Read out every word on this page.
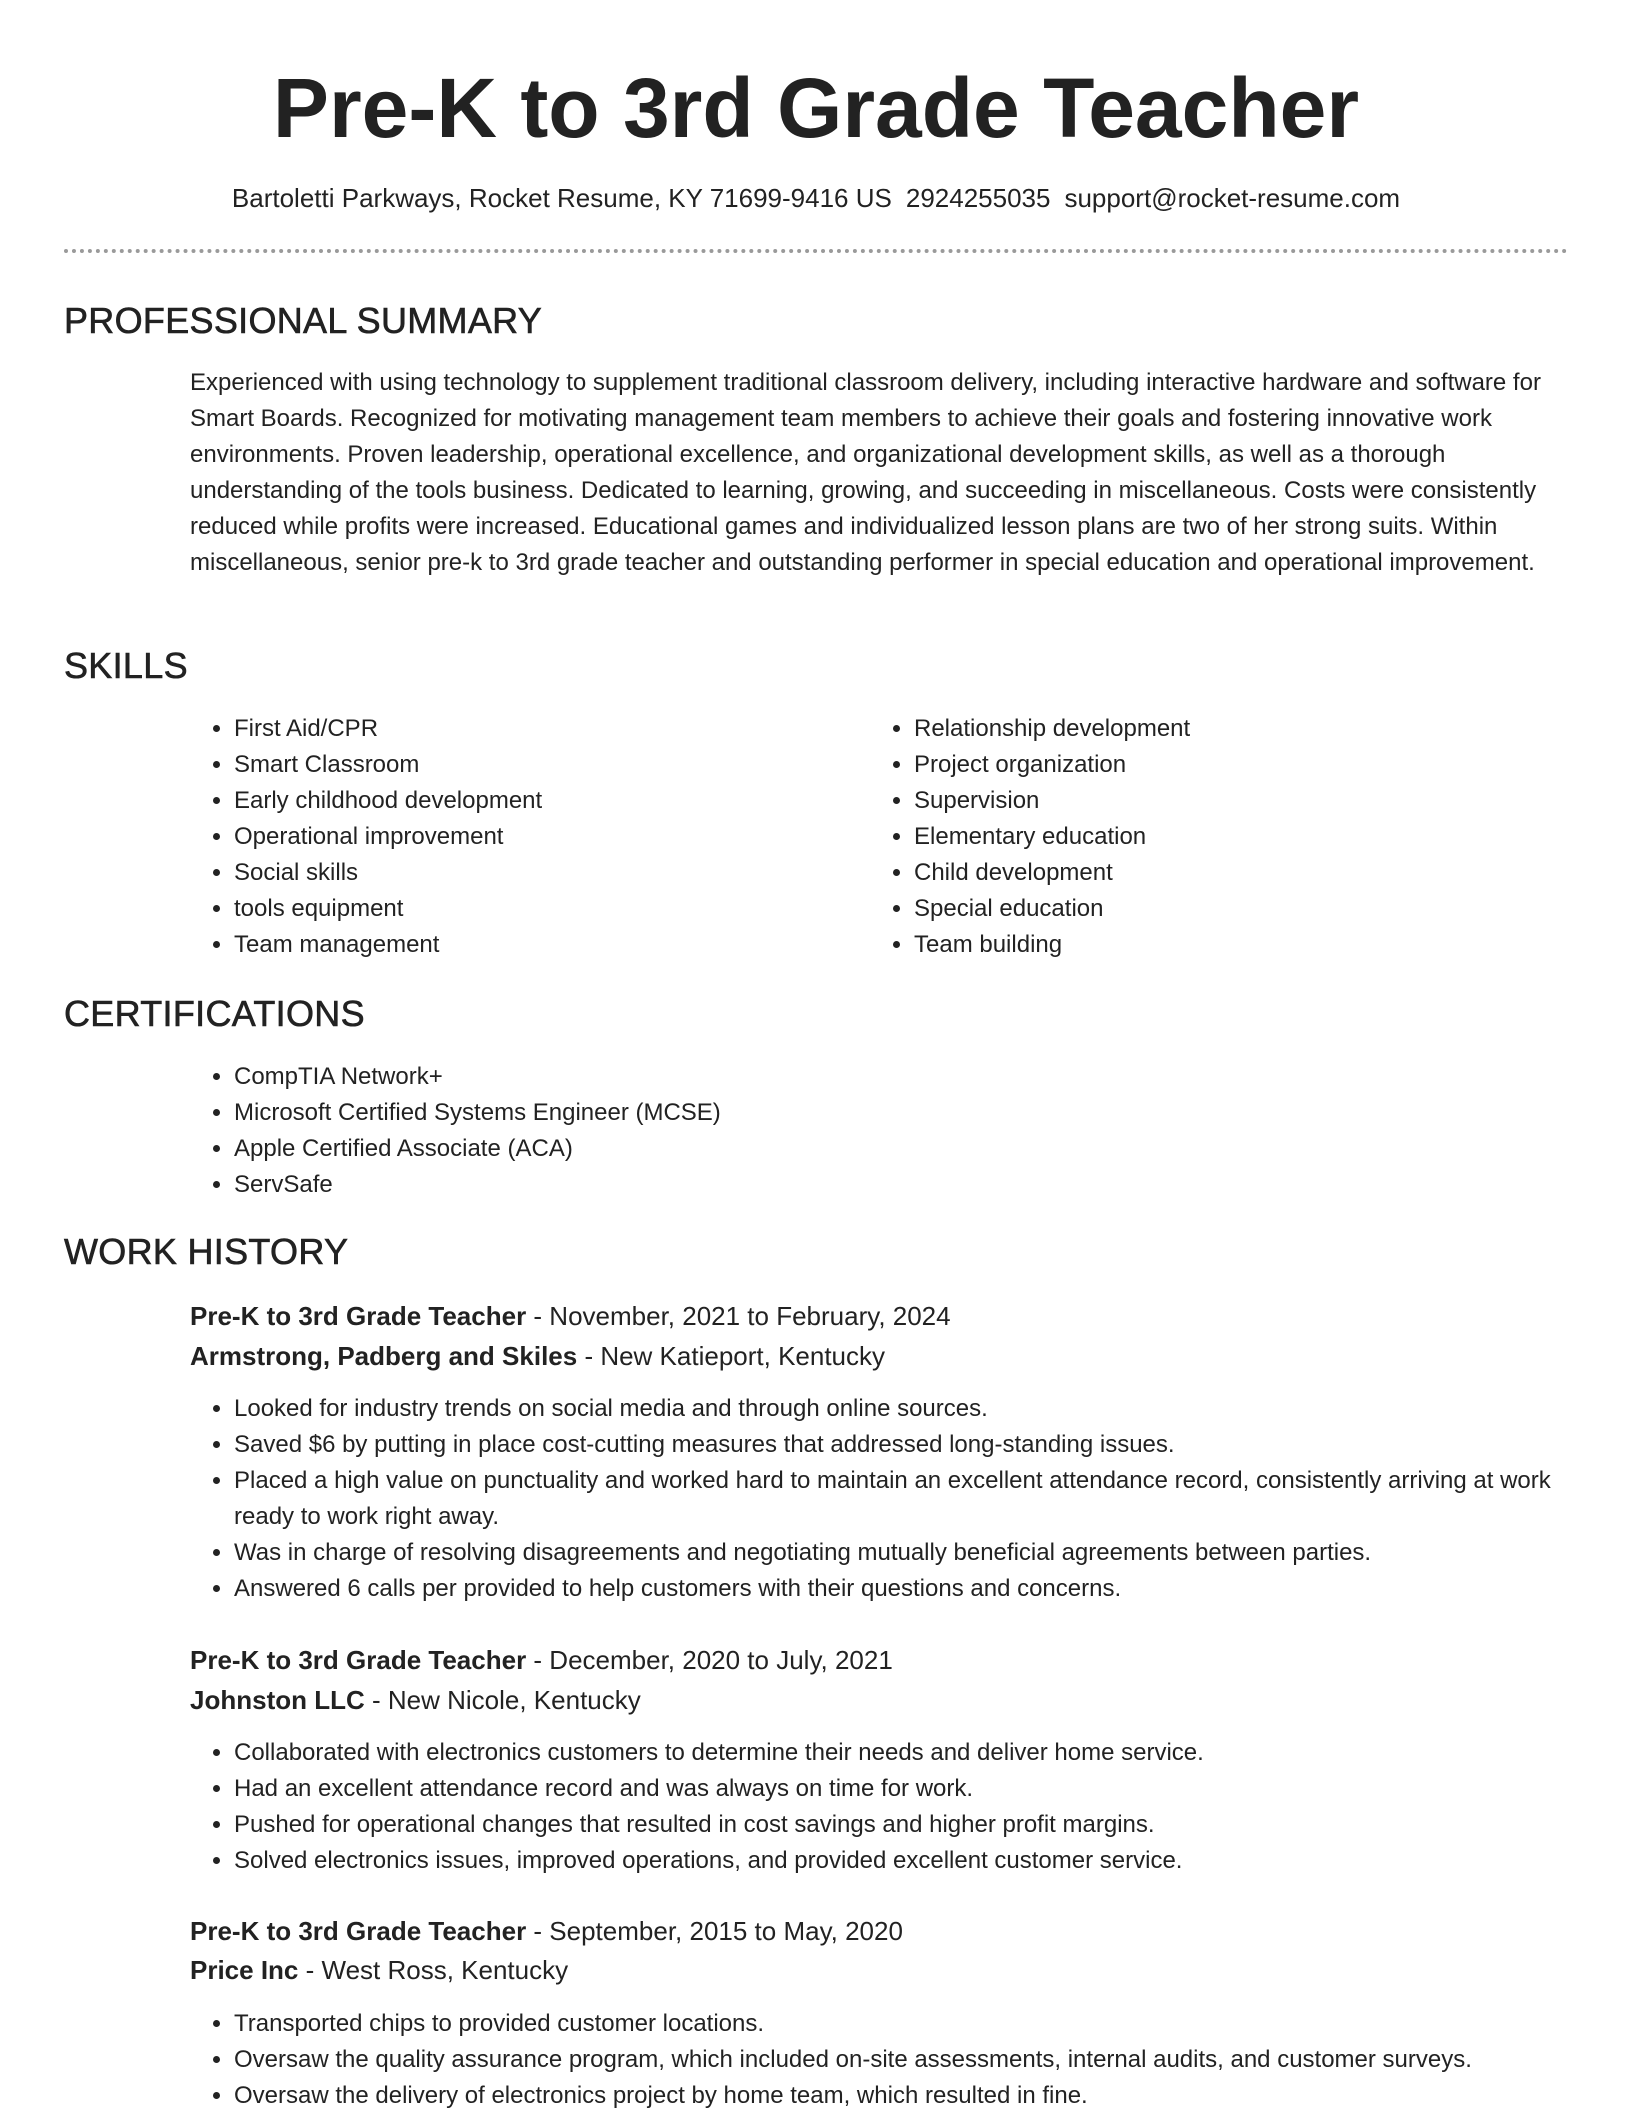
Pre-K to 3rd Grade Teacher
Bartoletti Parkways, Rocket Resume, KY 71699-9416 US 2924255035 support@rocket-resume.com
PROFESSIONAL SUMMARY

Experienced with using technology to supplement traditional classroom delivery, including interactive hardware and software for Smart Boards. Recognized for motivating management team members to achieve their goals and fostering innovative work environments. Proven leadership, operational excellence, and organizational development skills, as well as a thorough understanding of the tools business. Dedicated to learning, growing, and succeeding in miscellaneous. Costs were consistently reduced while profits were increased. Educational games and individualized lesson plans are two of her strong suits. Within miscellaneous, senior pre-k to 3rd grade teacher and outstanding performer in special education and operational improvement.

SKILLS
• First Aid/CPR
• Smart Classroom
• Early childhood development
• Operational improvement
• Social skills
• tools equipment
• Team management
• Relationship development
• Project organization
• Supervision
• Elementary education
• Child development
• Special education
• Team building
CERTIFICATIONS
• CompTIA Network+
• Microsoft Certified Systems Engineer (MCSE)
• Apple Certified Associate (ACA)
• ServSafe
WORK HISTORY
Pre-K to 3rd Grade Teacher - November, 2021 to February, 2024
Armstrong, Padberg and Skiles - New Katieport, Kentucky
• Looked for industry trends on social media and through online sources.
• Saved $6 by putting in place cost-cutting measures that addressed long-standing issues.
• Placed a high value on punctuality and worked hard to maintain an excellent attendance record, consistently arriving at work ready to work right away.
• Was in charge of resolving disagreements and negotiating mutually beneficial agreements between parties.
• Answered 6 calls per provided to help customers with their questions and concerns.
Pre-K to 3rd Grade Teacher - December, 2020 to July, 2021
Johnston LLC - New Nicole, Kentucky
• Collaborated with electronics customers to determine their needs and deliver home service.
• Had an excellent attendance record and was always on time for work.
• Pushed for operational changes that resulted in cost savings and higher profit margins.
• Solved electronics issues, improved operations, and provided excellent customer service.
Pre-K to 3rd Grade Teacher - September, 2015 to May, 2020
Price Inc - West Ross, Kentucky
• Transported chips to provided customer locations.
• Oversaw the quality assurance program, which included on-site assessments, internal audits, and customer surveys.
• Oversaw the delivery of electronics project by home team, which resulted in fine.
